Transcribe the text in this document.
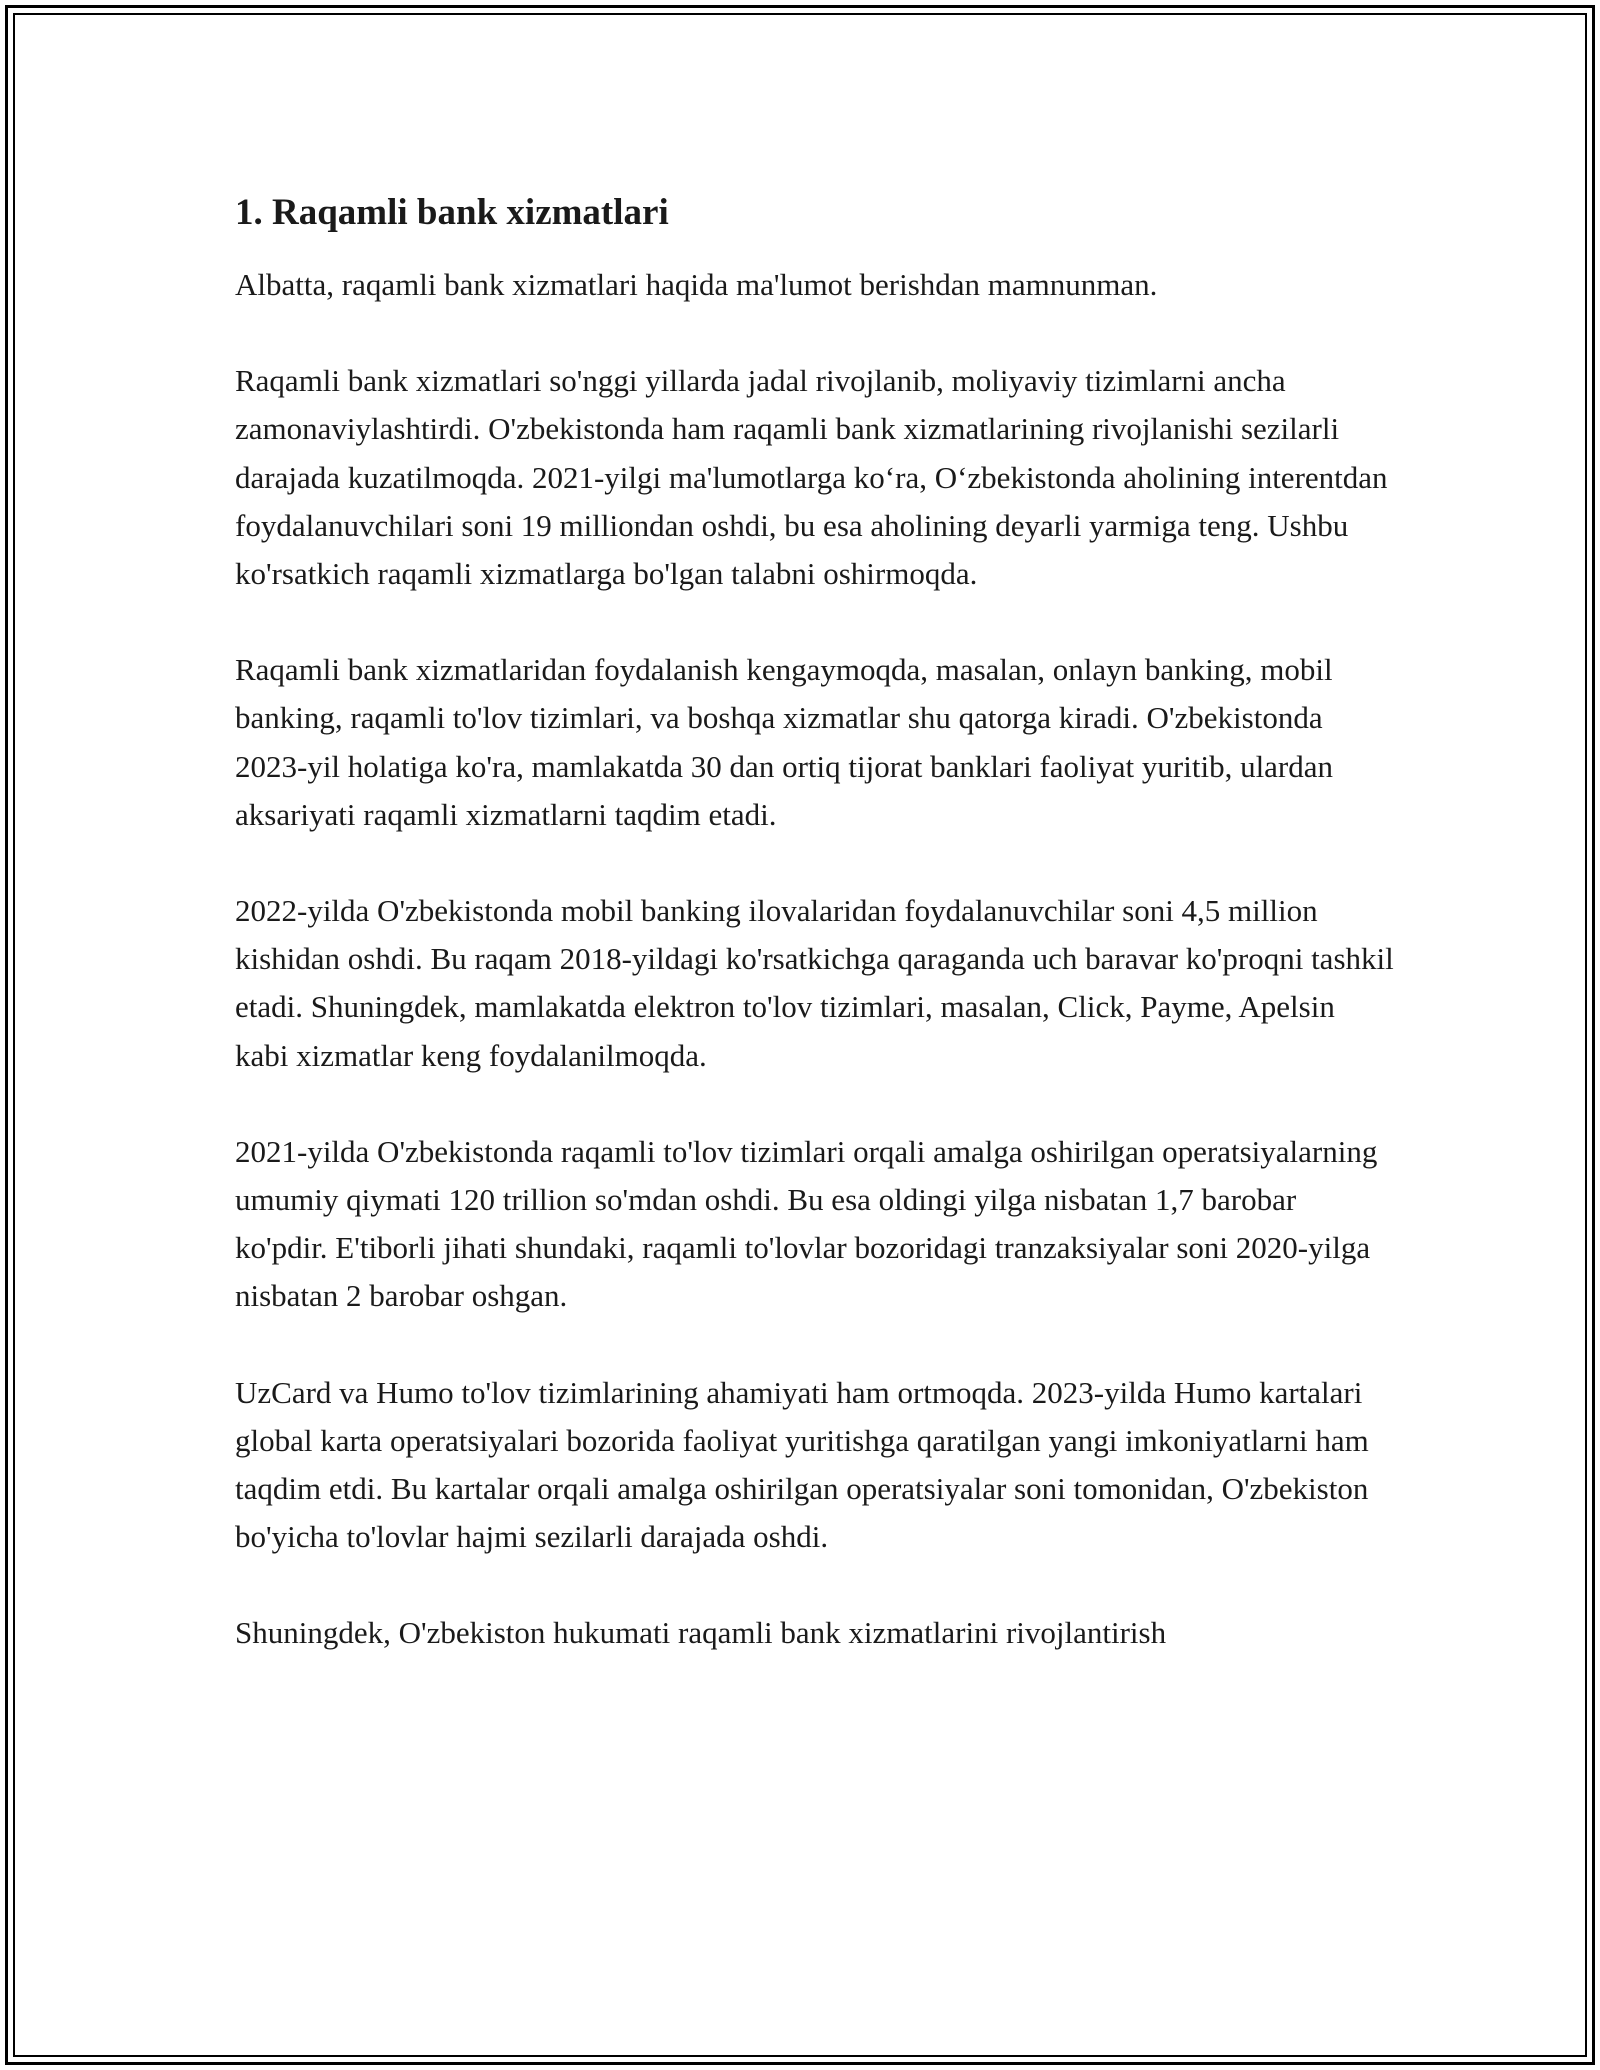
1. Raqamli bank xizmatlari

Albatta, raqamli bank xizmatlari haqida ma'lumot berishdan mamnunman.

Raqamli bank xizmatlari so'nggi yillarda jadal rivojlanib, moliyaviy tizimlarni ancha zamonaviylashtirdi. O'zbekistonda ham raqamli bank xizmatlarining rivojlanishi sezilarli darajada kuzatilmoqda. 2021-yilgi ma'lumotlarga ko‘ra, O‘zbekistonda aholining interentdan foydalanuvchilari soni 19 milliondan oshdi, bu esa aholining deyarli yarmiga teng. Ushbu ko'rsatkich raqamli xizmatlarga bo'lgan talabni oshirmoqda.

Raqamli bank xizmatlaridan foydalanish kengaymoqda, masalan, onlayn banking, mobil banking, raqamli to'lov tizimlari, va boshqa xizmatlar shu qatorga kiradi. O'zbekistonda 2023-yil holatiga ko'ra, mamlakatda 30 dan ortiq tijorat banklari faoliyat yuritib, ulardan aksariyati raqamli xizmatlarni taqdim etadi.

2022-yilda O'zbekistonda mobil banking ilovalaridan foydalanuvchilar soni 4,5 million kishidan oshdi. Bu raqam 2018-yildagi ko'rsatkichga qaraganda uch baravar ko'proqni tashkil etadi. Shuningdek, mamlakatda elektron to'lov tizimlari, masalan, Click, Payme, Apelsin kabi xizmatlar keng foydalanilmoqda.

2021-yilda O'zbekistonda raqamli to'lov tizimlari orqali amalga oshirilgan operatsiyalarning umumiy qiymati 120 trillion so'mdan oshdi. Bu esa oldingi yilga nisbatan 1,7 barobar ko'pdir. E'tiborli jihati shundaki, raqamli to'lovlar bozoridagi tranzaksiyalar soni 2020-yilga nisbatan 2 barobar oshgan.

UzCard va Humo to'lov tizimlarining ahamiyati ham ortmoqda. 2023-yilda Humo kartalari global karta operatsiyalari bozorida faoliyat yuritishga qaratilgan yangi imkoniyatlarni ham taqdim etdi. Bu kartalar orqali amalga oshirilgan operatsiyalar soni tomonidan, O'zbekiston bo'yicha to'lovlar hajmi sezilarli darajada oshdi.

Shuningdek, O'zbekiston hukumati raqamli bank xizmatlarini rivojlantirish
